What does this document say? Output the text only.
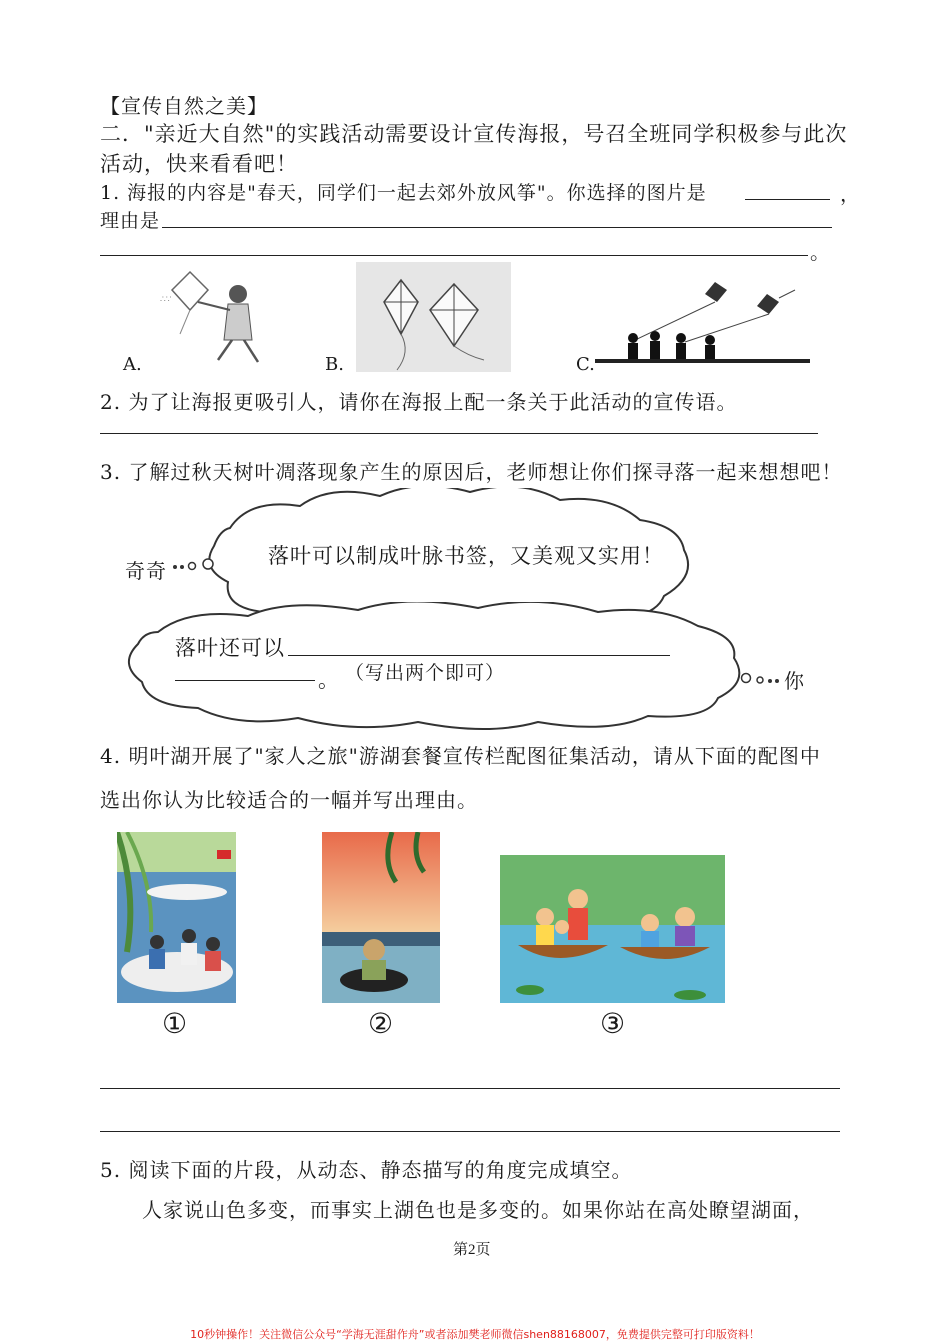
【宣传自然之美】
二．"亲近大自然"的实践活动需要设计宣传海报，号召全班同学积极参与此次
活动，快来看看吧！
1. 海报的内容是"春天，同学们一起去郊外放风筝"。你选择的图片是	，
理由是
。
∴∵
A.	B.	C.
2. 为了让海报更吸引人，请你在海报上配一条关于此活动的宣传语。
3. 了解过秋天树叶凋落现象产生的原因后，老师想让你们探寻落一起来想想吧！
奇奇
落叶可以制成叶脉书签，又美观又实用！
落叶还可以
。 （写出两个即可）	你
4. 明叶湖开展了"家人之旅"游湖套餐宣传栏配图征集活动，请从下面的配图中
选出你认为比较适合的一幅并写出理由。
①	②	③
5. 阅读下面的片段，从动态、静态描写的角度完成填空。
人家说山色多变，而事实上湖色也是多变的。如果你站在高处瞭望湖面，
第2页
10秒钟操作！关注微信公众号“学海无涯甜作舟”或者添加樊老师微信shen88168007，免费提供完整可打印版资料！
